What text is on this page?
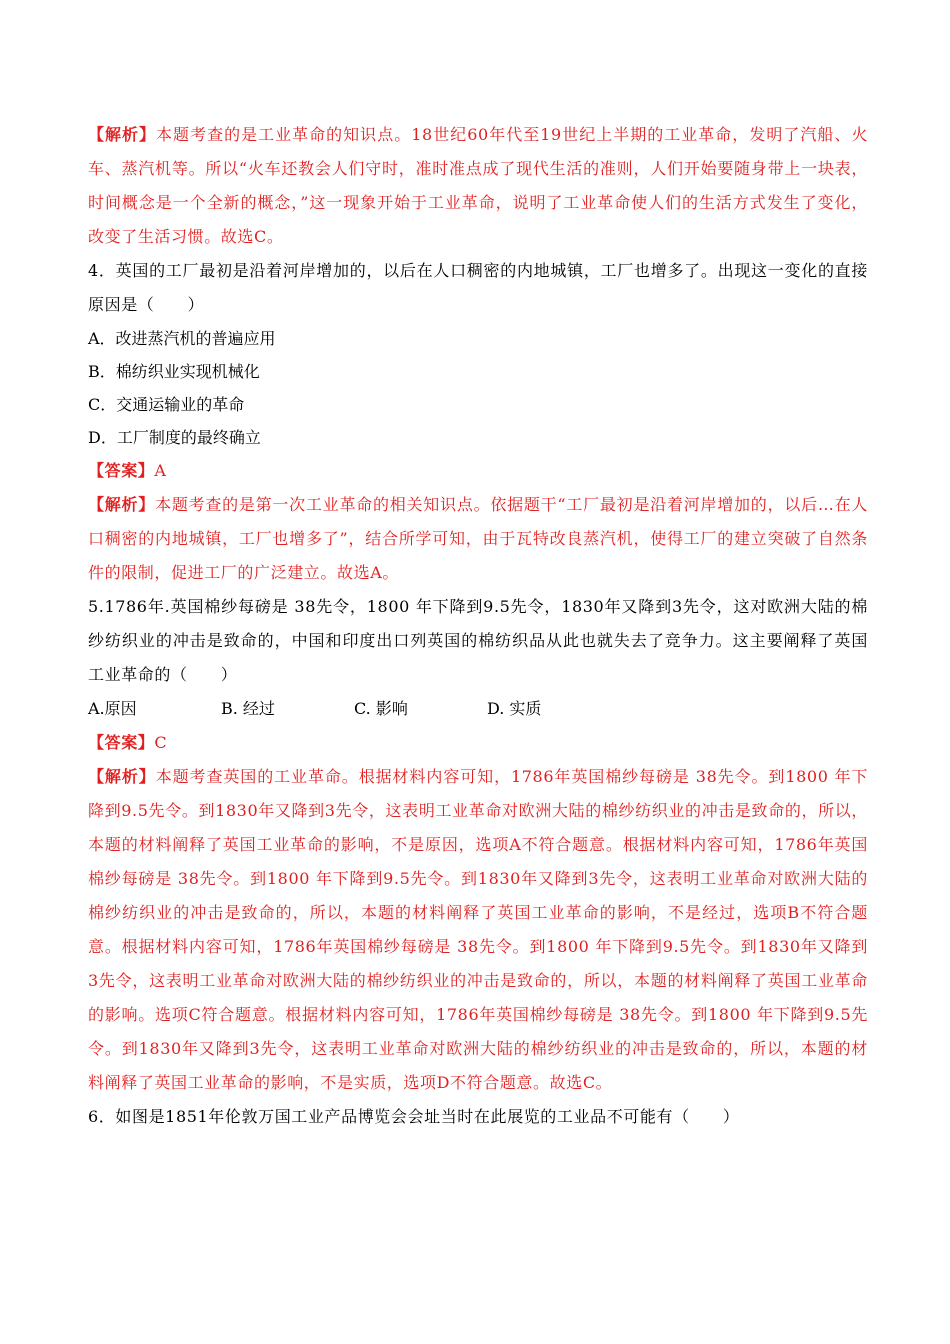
【解析】本题考查的是工业革命的知识点。18世纪60年代至19世纪上半期的工业革命，发明了汽船、火车、蒸汽机等。所以“火车还教会人们守时，准时准点成了现代生活的准则，人们开始要随身带上一块表，时间概念是一个全新的概念，”这一现象开始于工业革命，说明了工业革命使人们的生活方式发生了变化，改变了生活习惯。故选C。
4．英国的工厂最初是沿着河岸增加的，以后在人口稠密的内地城镇，工厂也增多了。出现这一变化的直接原因是（　　）
A．改进蒸汽机的普遍应用
B．棉纺织业实现机械化
C．交通运输业的革命
D．工厂制度的最终确立
【答案】A
【解析】本题考查的是第一次工业革命的相关知识点。依据题干“工厂最初是沿着河岸增加的，以后…在人口稠密的内地城镇，工厂也增多了”，结合所学可知，由于瓦特改良蒸汽机，使得工厂的建立突破了自然条件的限制，促进工厂的广泛建立。故选A。
5.1786年.英国棉纱每磅是 38先令，1800 年下降到9.5先令，1830年又降到3先令，这对欧洲大陆的棉纱纺织业的冲击是致命的，中国和印度出口列英国的棉纺织品从此也就失去了竞争力。这主要阐释了英国工业革命的（　　）
A.原因	B. 经过	C. 影响	D. 实质
【答案】C
【解析】本题考查英国的工业革命。根据材料内容可知，1786年英国棉纱每磅是 38先令。到1800 年下降到9.5先令。到1830年又降到3先令，这表明工业革命对欧洲大陆的棉纱纺织业的冲击是致命的，所以，本题的材料阐释了英国工业革命的影响，不是原因，选项A不符合题意。根据材料内容可知，1786年英国棉纱每磅是 38先令。到1800 年下降到9.5先令。到1830年又降到3先令，这表明工业革命对欧洲大陆的棉纱纺织业的冲击是致命的，所以，本题的材料阐释了英国工业革命的影响，不是经过，选项B不符合题意。根据材料内容可知，1786年英国棉纱每磅是 38先令。到1800 年下降到9.5先令。到1830年又降到3先令，这表明工业革命对欧洲大陆的棉纱纺织业的冲击是致命的，所以，本题的材料阐释了英国工业革命的影响。选项C符合题意。根据材料内容可知，1786年英国棉纱每磅是 38先令。到1800 年下降到9.5先令。到1830年又降到3先令，这表明工业革命对欧洲大陆的棉纱纺织业的冲击是致命的，所以，本题的材料阐释了英国工业革命的影响，不是实质，选项D不符合题意。故选C。
6．如图是1851年伦敦万国工业产品博览会会址当时在此展览的工业品不可能有（　　）
